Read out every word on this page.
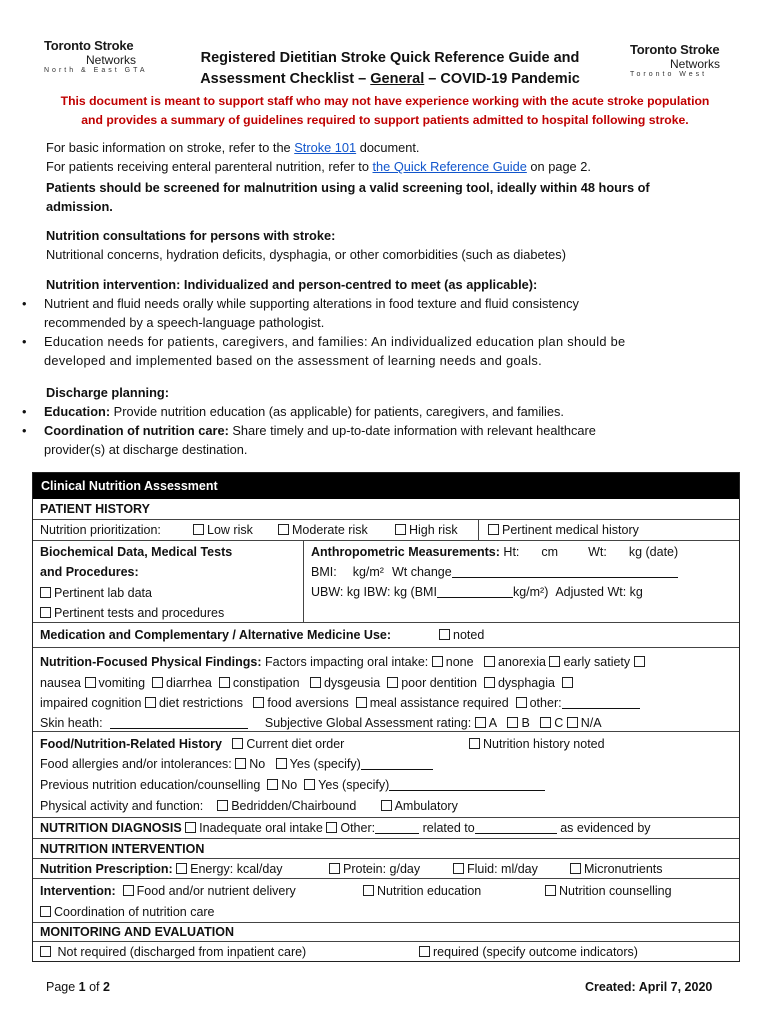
Toronto Stroke
Networks
North & East GTA
Toronto Stroke
Networks
Toronto West
Registered Dietitian Stroke Quick Reference Guide and
Assessment Checklist – General – COVID-19 Pandemic
This document is meant to support staff who may not have experience working with the acute stroke population
and provides a summary of guidelines required to support patients admitted to hospital following stroke.
For basic information on stroke, refer to the Stroke 101 document.
For patients receiving enteral parenteral nutrition, refer to the Quick Reference Guide on page 2.
Patients should be screened for malnutrition using a valid screening tool, ideally within 48 hours of
admission.
Nutrition consultations for persons with stroke:
Nutritional concerns, hydration deficits, dysphagia, or other comorbidities (such as diabetes)
Nutrition intervention: Individualized and person-centred to meet (as applicable):
• Nutrient and fluid needs orally while supporting alterations in food texture and fluid consistency
recommended by a speech-language pathologist.
• Education needs for patients, caregivers, and families: An individualized education plan should be
developed and implemented based on the assessment of learning needs and goals.
Discharge planning:
• Education: Provide nutrition education (as applicable) for patients, caregivers, and families.
• Coordination of nutrition care: Share timely and up-to-date information with relevant healthcare
provider(s) at discharge destination.
Clinical Nutrition Assessment
PATIENT HISTORY
Nutrition prioritization:	Low risk	Moderate risk	High risk	Pertinent medical history
Biochemical Data, Medical Tests
and Procedures:
Pertinent lab data
Pertinent tests and procedures
Anthropometric Measurements: Ht: cm Wt: kg (date)
BMI: kg/m² Wt change
UBW: kg IBW: kg (BMI	kg/m²) Adjusted Wt: kg
Medication and Complementary / Alternative Medicine Use:	noted
Nutrition-Focused Physical Findings: Factors impacting oral intake: none anorexia early satiety
nausea vomiting diarrhea constipation dysgeusia poor dentition dysphagia
impaired cognition diet restrictions food aversions meal assistance required other:
Skin heath:	Subjective Global Assessment rating: A B C N/A
Food/Nutrition-Related History Current diet order	Nutrition history noted
Food allergies and/or intolerances: No Yes (specify)
Previous nutrition education/counselling No Yes (specify)
Physical activity and function: Bedridden/Chairbound	Ambulatory
NUTRITION DIAGNOSIS Inadequate oral intake Other:	related to	as evidenced by
NUTRITION INTERVENTION
Nutrition Prescription: Energy: kcal/day	Protein: g/day	Fluid: ml/day	Micronutrients
Intervention: Food and/or nutrient delivery	Nutrition education	Nutrition counselling
Coordination of nutrition care
MONITORING AND EVALUATION
Not required (discharged from inpatient care)	required (specify outcome indicators)
Page 1 of 2	Created: April 7, 2020
